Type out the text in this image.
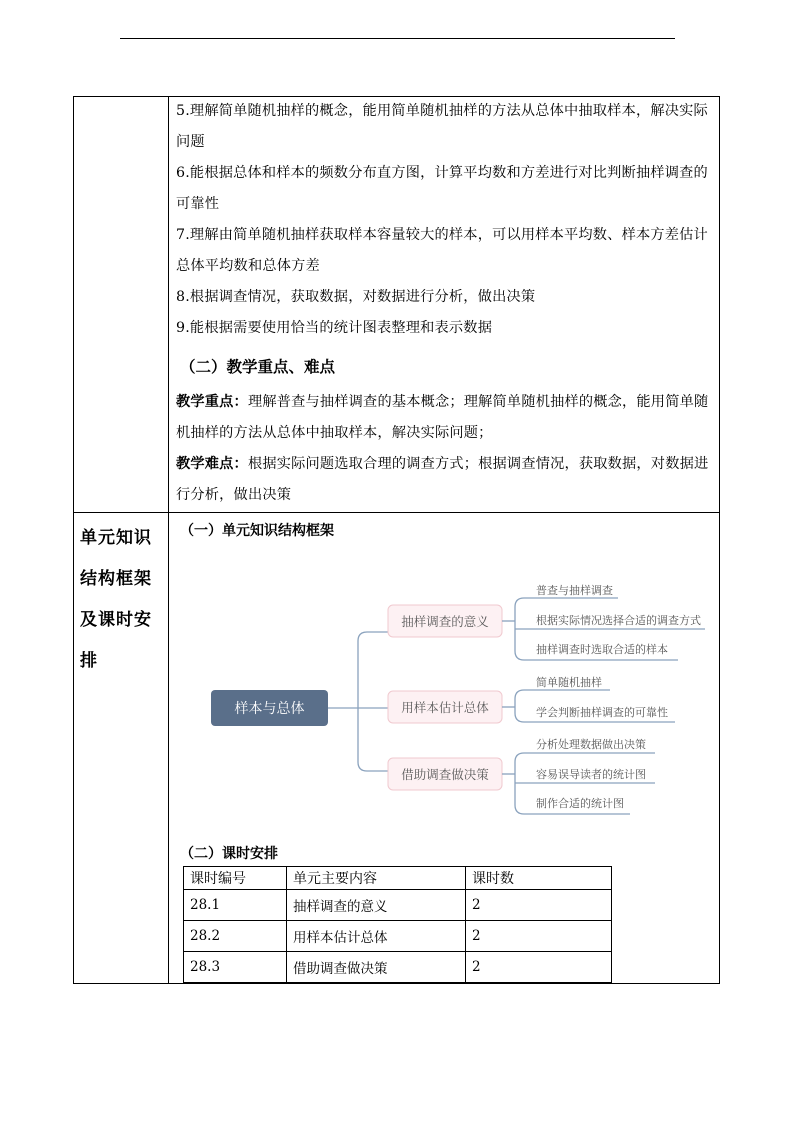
5.理解简单随机抽样的概念，能用简单随机抽样的方法从总体中抽取样本，解决实际问题
6.能根据总体和样本的频数分布直方图，计算平均数和方差进行对比判断抽样调查的可靠性
7.理解由简单随机抽样获取样本容量较大的样本，可以用样本平均数、样本方差估计总体平均数和总体方差
8.根据调查情况，获取数据，对数据进行分析，做出决策
9.能根据需要使用恰当的统计图表整理和表示数据
（二）教学重点、难点
教学重点：理解普查与抽样调查的基本概念；理解简单随机抽样的概念，能用简单随机抽样的方法从总体中抽取样本，解决实际问题；
教学难点：根据实际问题选取合理的调查方式；根据调查情况，获取数据，对数据进行分析，做出决策
单元知识结构框架及课时安排
（一）单元知识结构框架
样本与总体
抽样调查的意义
普查与抽样调查
根据实际情况选择合适的调查方式
抽样调查时选取合适的样本
用样本估计总体
简单随机抽样
学会判断抽样调查的可靠性
借助调查做决策
分析处理数据做出决策
容易误导读者的统计图
制作合适的统计图
（二）课时安排
课时编号	单元主要内容	课时数
28.1	抽样调查的意义	2
28.2	用样本估计总体	2
28.3	借助调查做决策	2
